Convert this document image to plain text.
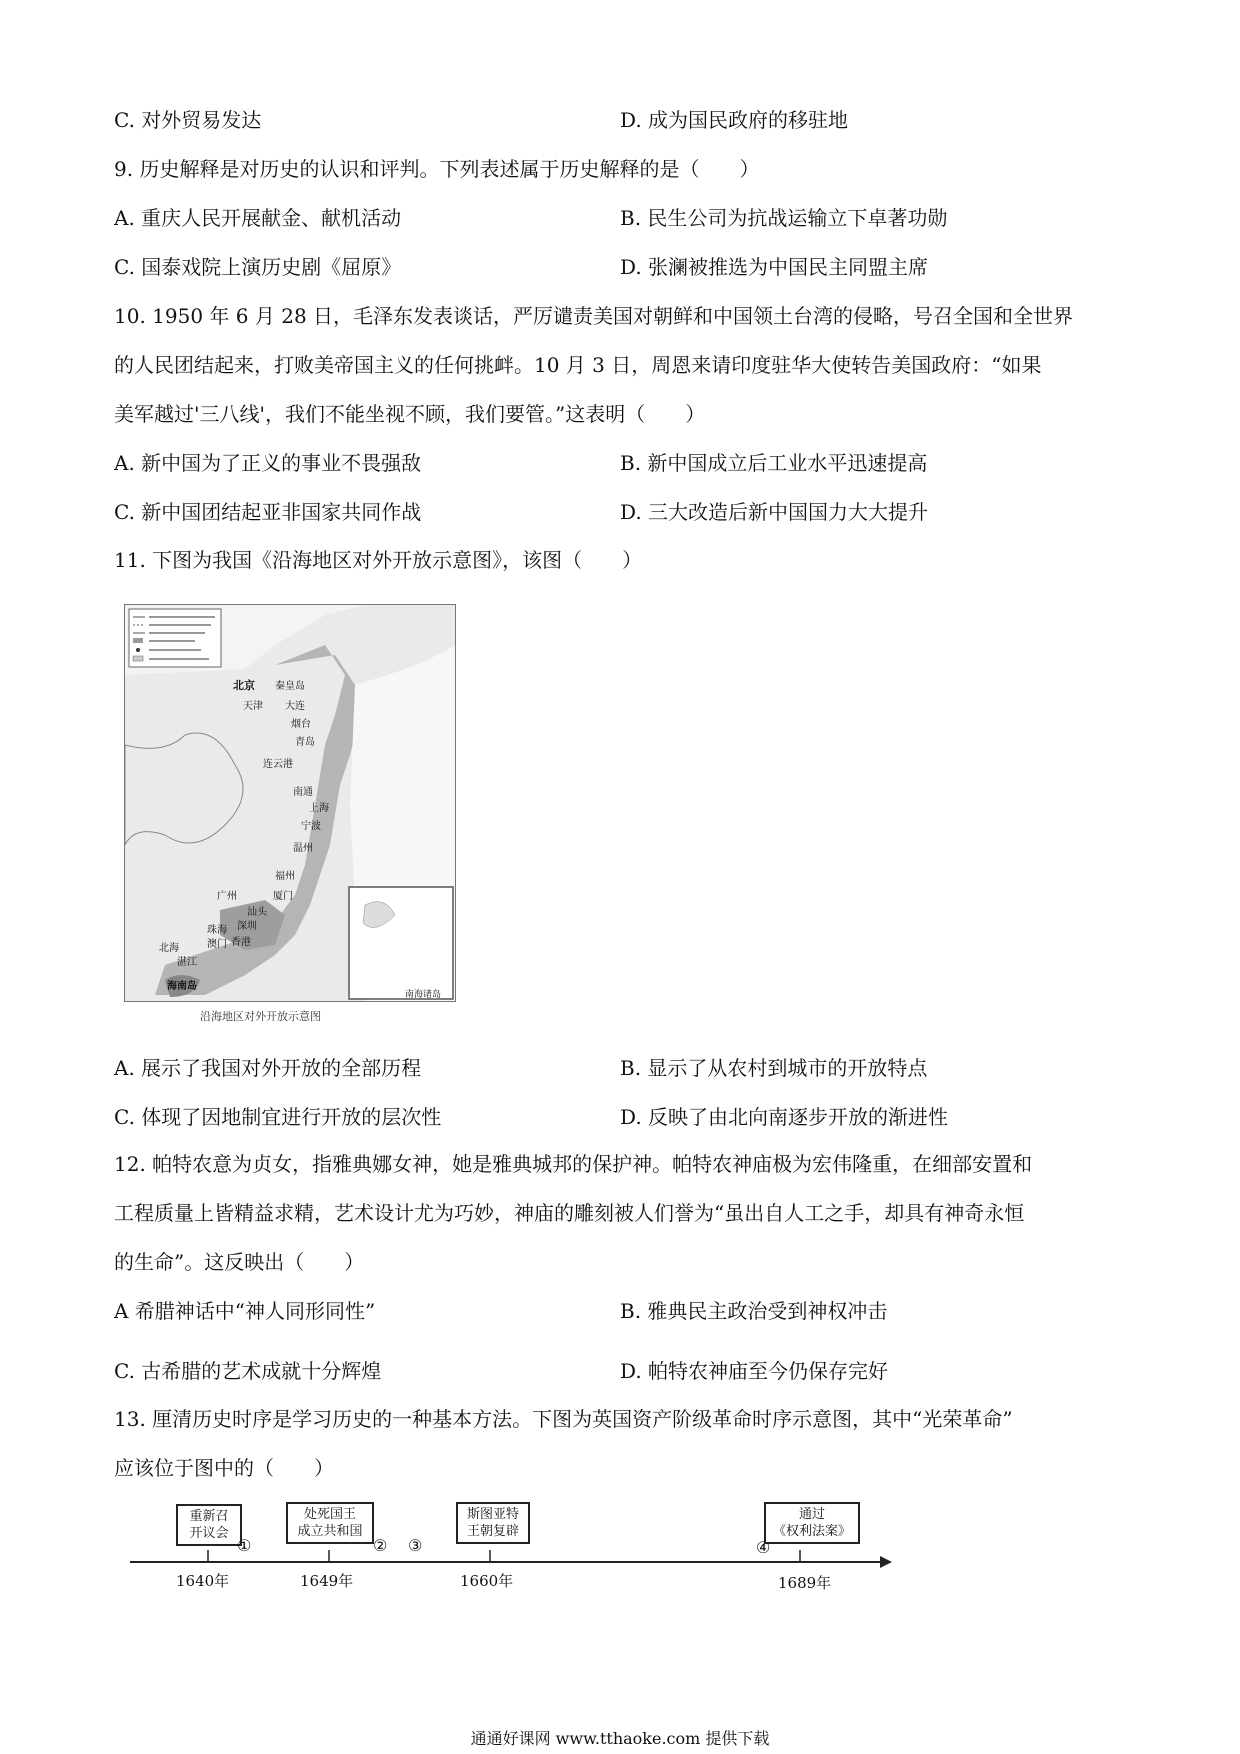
C. 对外贸易发达	D. 成为国民政府的移驻地
9. 历史解释是对历史的认识和评判。下列表述属于历史解释的是（　　）
A. 重庆人民开展献金、献机活动	B. 民生公司为抗战运输立下卓著功勋
C. 国泰戏院上演历史剧《屈原》	D. 张澜被推选为中国民主同盟主席
10. 1950 年 6 月 28 日，毛泽东发表谈话，严厉谴责美国对朝鲜和中国领土台湾的侵略，号召全国和全世界
的人民团结起来，打败美帝国主义的任何挑衅。10 月 3 日，周恩来请印度驻华大使转告美国政府：“如果
美军越过'三八线'，我们不能坐视不顾，我们要管。”这表明（　　）
A. 新中国为了正义的事业不畏强敌	B. 新中国成立后工业水平迅速提高
C. 新中国团结起亚非国家共同作战	D. 三大改造后新中国国力大大提升
11. 下图为我国《沿海地区对外开放示意图》，该图（　　）
北京 秦皇岛
天津 大连
烟台
青岛
连云港
南通
上海
宁波
温州
福州
厦门
广州
汕头
深圳
珠海
香港
澳门
北海
湛江
海南岛
南海诸岛
沿海地区对外开放示意图
A. 展示了我国对外开放的全部历程	B. 显示了从农村到城市的开放特点
C. 体现了因地制宜进行开放的层次性	D. 反映了由北向南逐步开放的渐进性
12. 帕特农意为贞女，指雅典娜女神，她是雅典城邦的保护神。帕特农神庙极为宏伟隆重，在细部安置和
工程质量上皆精益求精，艺术设计尤为巧妙，神庙的雕刻被人们誉为“虽出自人工之手，却具有神奇永恒
的生命”。这反映出（　　）
A 希腊神话中“神人同形同性”	B. 雅典民主政治受到神权冲击
C. 古希腊的艺术成就十分辉煌	D. 帕特农神庙至今仍保存完好
13. 厘清历史时序是学习历史的一种基本方法。下图为英国资产阶级革命时序示意图，其中“光荣革命”
应该位于图中的（　　）
重新召
开议会
处死国王
成立共和国
斯图亚特
王朝复辟
通过
《权利法案》
①	② ③	④
1640年	1649年	1660年	1689年
通通好课网 www.tthaoke.com 提供下载
